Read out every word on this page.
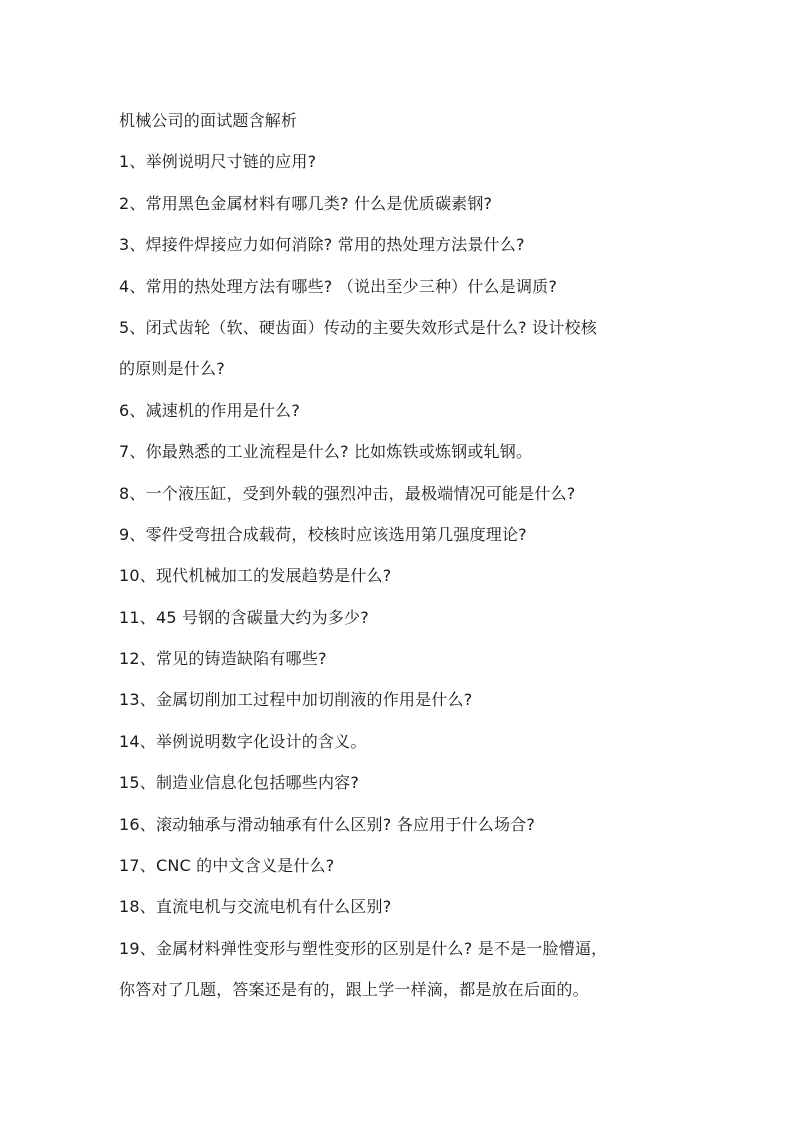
机械公司的面试题含解析
1、举例说明尺寸链的应用?
2、常用黑色金属材料有哪几类? 什么是优质碳素钢?
3、焊接件焊接应力如何消除? 常用的热处理方法景什么?
4、常用的热处理方法有哪些? （说出至少三种）什么是调质?
5、闭式齿轮（软、硬齿面）传动的主要失效形式是什么? 设计校核
的原则是什么?
6、减速机的作用是什么?
7、你最熟悉的工业流程是什么? 比如炼铁或炼钢或轧钢。
8、一个液压缸，受到外载的强烈冲击，最极端情况可能是什么?
9、零件受弯扭合成载荷，校核时应该选用第几强度理论?
10、现代机械加工的发展趋势是什么?
11、45 号钢的含碳量大约为多少?
12、常见的铸造缺陷有哪些?
13、金属切削加工过程中加切削液的作用是什么?
14、举例说明数字化设计的含义。
15、制造业信息化包括哪些内容?
16、滚动轴承与滑动轴承有什么区别? 各应用于什么场合?
17、CNC 的中文含义是什么?
18、直流电机与交流电机有什么区别?
19、金属材料弹性变形与塑性变形的区别是什么? 是不是一脸懵逼，
你答对了几题，答案还是有的，跟上学一样滴，都是放在后面的。
